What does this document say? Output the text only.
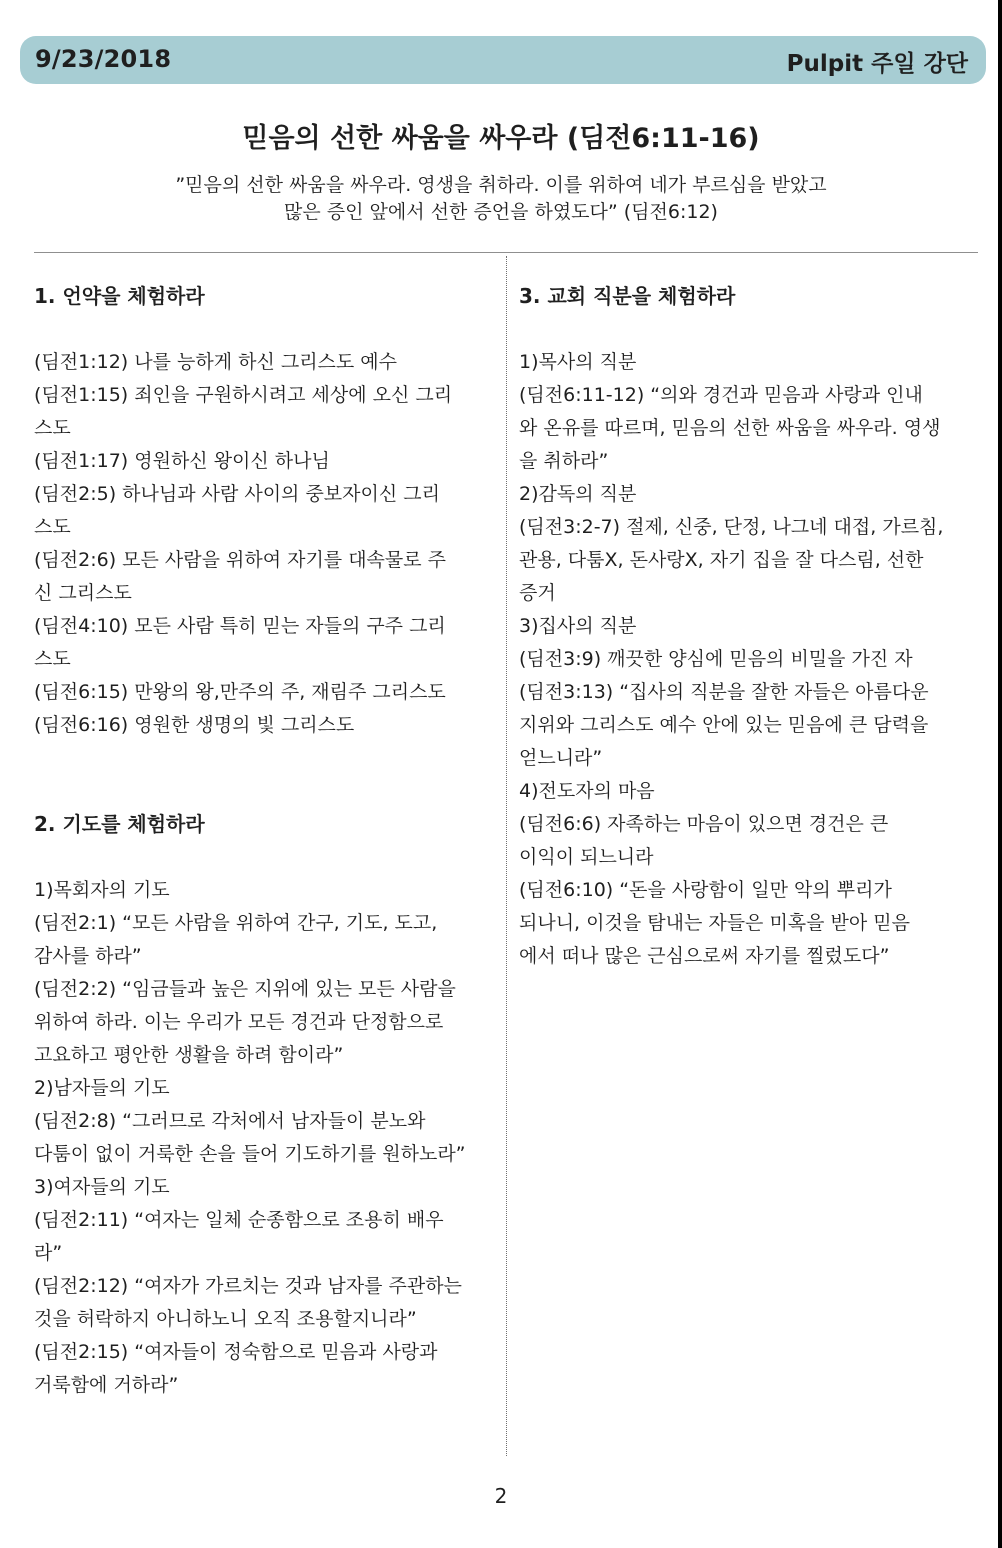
9/23/2018	Pulpit 주일 강단
믿음의 선한 싸움을 싸우라 (딤전6:11-16)
”믿음의 선한 싸움을 싸우라. 영생을 취하라. 이를 위하여 네가 부르심을 받았고
많은 증인 앞에서 선한 증언을 하였도다” (딤전6:12)

1. 언약을 체험하라

(딤전1:12) 나를 능하게 하신 그리스도 예수

(딤전1:15) 죄인을 구원하시려고 세상에 오신 그리
스도

(딤전1:17) 영원하신 왕이신 하나님

(딤전2:5) 하나님과 사람 사이의 중보자이신 그리
스도

(딤전2:6) 모든 사람을 위하여 자기를 대속물로 주
신 그리스도

(딤전4:10) 모든 사람 특히 믿는 자들의 구주 그리
스도

(딤전6:15) 만왕의 왕,만주의 주, 재림주 그리스도

(딤전6:16) 영원한 생명의 빛 그리스도

2. 기도를 체험하라

1)목회자의 기도

(딤전2:1) “모든 사람을 위하여 간구, 기도, 도고,
감사를 하라”

(딤전2:2) “임금들과 높은 지위에 있는 모든 사람을
위하여 하라. 이는 우리가 모든 경건과 단정함으로
고요하고 평안한 생활을 하려 함이라”

2)남자들의 기도

(딤전2:8) “그러므로 각처에서 남자들이 분노와
다툼이 없이 거룩한 손을 들어 기도하기를 원하노라”

3)여자들의 기도

(딤전2:11) “여자는 일체 순종함으로 조용히 배우
라”

(딤전2:12) “여자가 가르치는 것과 남자를 주관하는
것을 허락하지 아니하노니 오직 조용할지니라”

(딤전2:15) “여자들이 정숙함으로 믿음과 사랑과
거룩함에 거하라”

3. 교회 직분을 체험하라

1)목사의 직분

(딤전6:11-12) “의와 경건과 믿음과 사랑과 인내
와 온유를 따르며, 믿음의 선한 싸움을 싸우라. 영생
을 취하라”

2)감독의 직분

(딤전3:2-7) 절제, 신중, 단정, 나그네 대접, 가르침,
관용, 다툼X, 돈사랑X, 자기 집을 잘 다스림, 선한
증거

3)집사의 직분

(딤전3:9) 깨끗한 양심에 믿음의 비밀을 가진 자

(딤전3:13) “집사의 직분을 잘한 자들은 아름다운
지위와 그리스도 예수 안에 있는 믿음에 큰 담력을
얻느니라”

4)전도자의 마음

(딤전6:6) 자족하는 마음이 있으면 경건은 큰
이익이 되느니라

(딤전6:10) “돈을 사랑함이 일만 악의 뿌리가
되나니, 이것을 탐내는 자들은 미혹을 받아 믿음
에서 떠나 많은 근심으로써 자기를 찔렀도다”

2
